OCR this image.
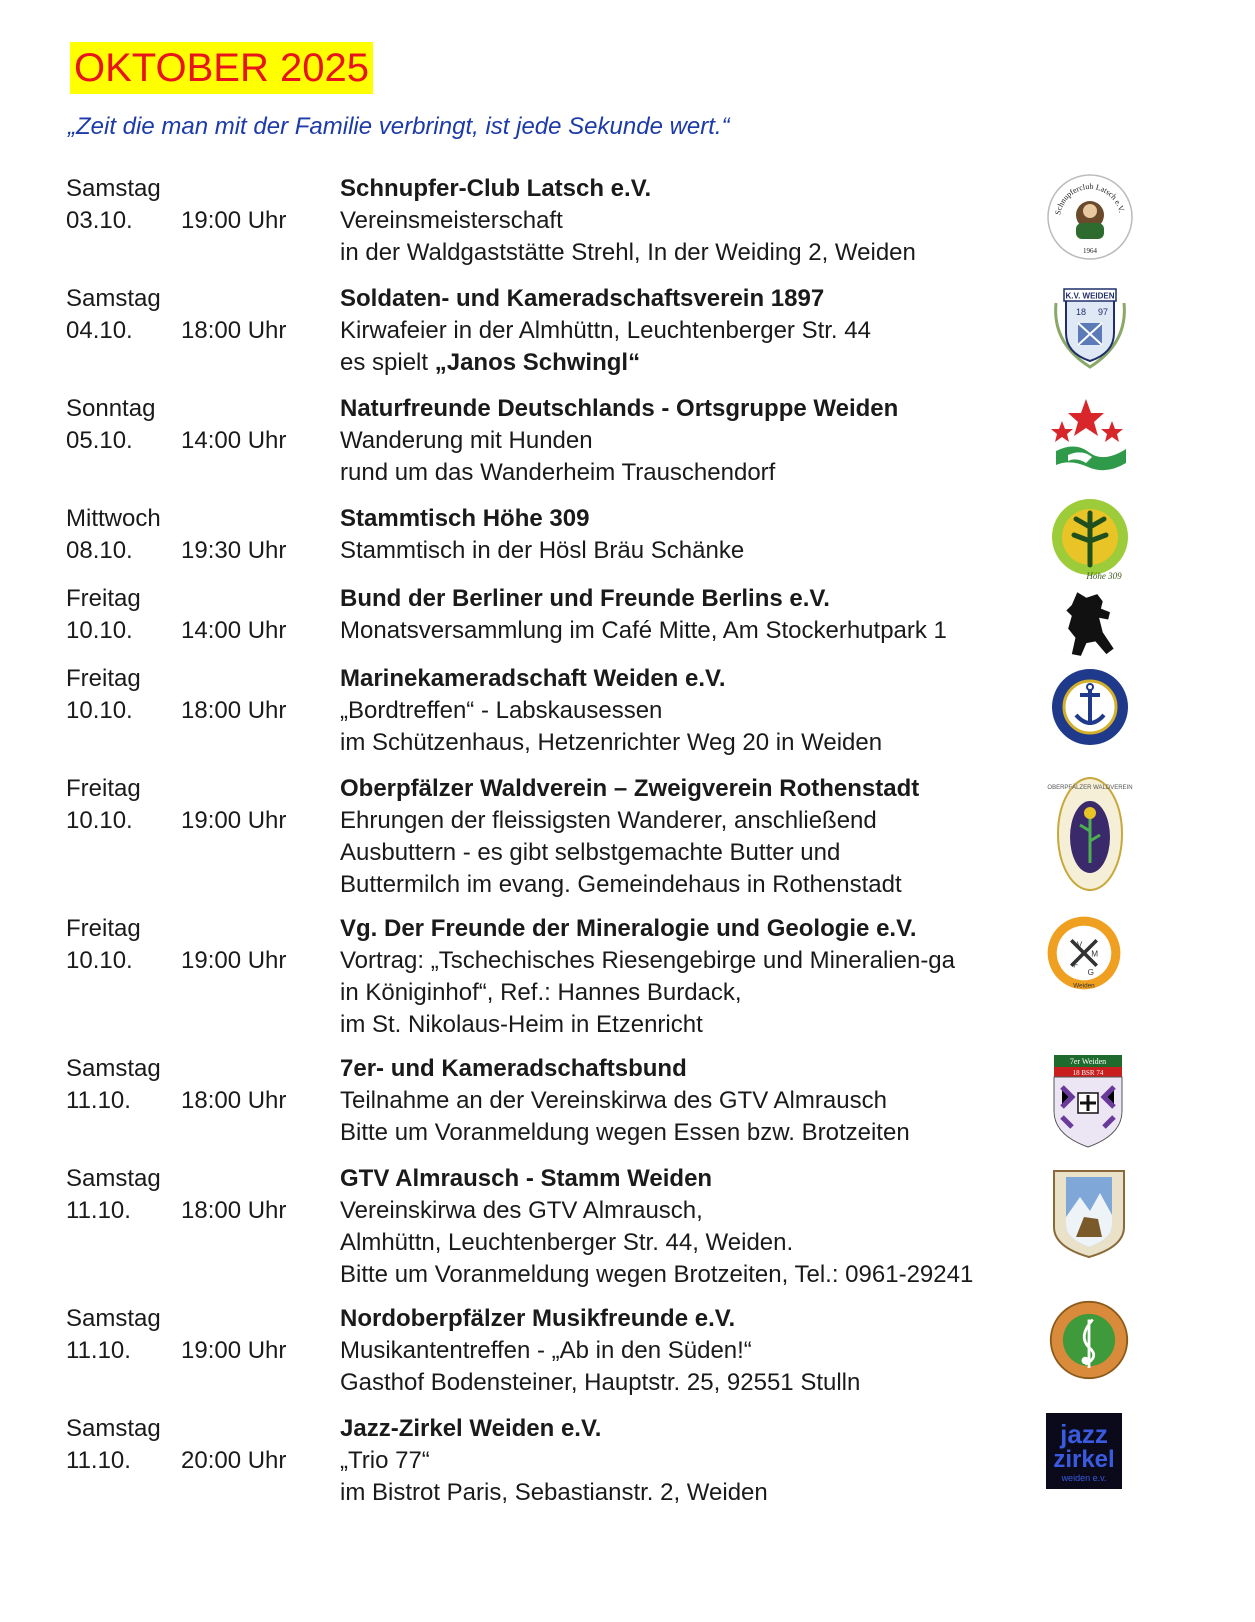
OKTOBER 2025
„Zeit die man mit der Familie verbringt, ist jede Sekunde wert.“
Samstag
03.10. 19:00 Uhr
Schnupfer-Club Latsch e.V.
Vereinsmeisterschaft
in der Waldgaststätte Strehl, In der Weiding 2, Weiden
Schnupferclub Latsch e.V.
1964
Samstag
04.10. 18:00 Uhr
Soldaten- und Kameradschaftsverein 1897
Kirwafeier in der Almhüttn, Leuchtenberger Str. 44
es spielt „Janos Schwingl“
K.V. WEIDEN
18 97
Sonntag
05.10. 14:00 Uhr
Naturfreunde Deutschlands - Ortsgruppe Weiden
Wanderung mit Hunden
rund um das Wanderheim Trauschendorf
Mittwoch
08.10. 19:30 Uhr
Stammtisch Höhe 309
Stammtisch in der Hösl Bräu Schänke
Höhe 309
Freitag
10.10. 14:00 Uhr
Bund der Berliner und Freunde Berlins e.V.
Monatsversammlung im Café Mitte, Am Stockerhutpark 1
Freitag
10.10. 18:00 Uhr
Marinekameradschaft Weiden e.V.
„Bordtreffen“ - Labskausessen
im Schützenhaus, Hetzenrichter Weg 20 in Weiden
Freitag
10.10. 19:00 Uhr
Oberpfälzer Waldverein – Zweigverein Rothenstadt
Ehrungen der fleissigsten Wanderer, anschließend
Ausbuttern - es gibt selbstgemachte Butter und
Buttermilch im evang. Gemeindehaus in Rothenstadt
OBERPFÄLZER WALDVEREIN
Freitag
10.10. 19:00 Uhr
Vg. Der Freunde der Mineralogie und Geologie e.V.
Vortrag: „Tschechisches Riesengebirge und Mineralien-ga
in Königinhof“, Ref.: Hannes Burdack,
im St. Nikolaus-Heim in Etzenricht
V
M
F
G
Weiden
Samstag
11.10. 18:00 Uhr
7er- und Kameradschaftsbund
Teilnahme an der Vereinskirwa des GTV Almrausch
Bitte um Voranmeldung wegen Essen bzw. Brotzeiten
7er Weiden
18 BSR 74
Samstag
11.10. 18:00 Uhr
GTV Almrausch - Stamm Weiden
Vereinskirwa des GTV Almrausch,
Almhüttn, Leuchtenberger Str. 44, Weiden.
Bitte um Voranmeldung wegen Brotzeiten, Tel.: 0961-29241
Samstag
11.10. 19:00 Uhr
Nordoberpfälzer Musikfreunde e.V.
Musikantentreffen - „Ab in den Süden!“
Gasthof Bodensteiner, Hauptstr. 25, 92551 Stulln
Samstag
11.10. 20:00 Uhr
Jazz-Zirkel Weiden e.V.
„Trio 77“
im Bistrot Paris, Sebastianstr. 2, Weiden
jazz
zirkel
weiden e.v.
